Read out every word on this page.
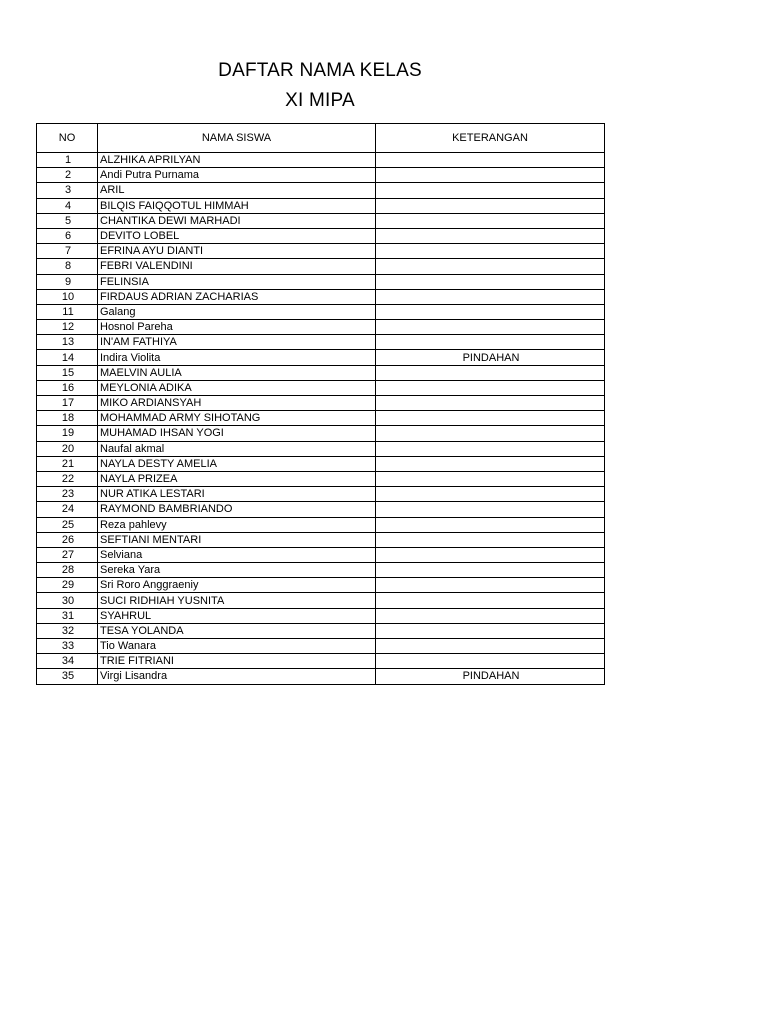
DAFTAR NAMA KELAS
XI MIPA
NO	NAMA SISWA	KETERANGAN
1	ALZHIKA APRILYAN	
2	Andi Putra Purnama	
3	ARIL	
4	BILQIS FAIQQOTUL HIMMAH	
5	CHANTIKA DEWI MARHADI	
6	DEVITO LOBEL	
7	EFRINA AYU DIANTI	
8	FEBRI VALENDINI	
9	FELINSIA	
10	FIRDAUS ADRIAN ZACHARIAS	
11	Galang	
12	Hosnol Pareha	
13	IN'AM FATHIYA	
14	Indira Violita	PINDAHAN
15	MAELVIN AULIA	
16	MEYLONIA ADIKA	
17	MIKO ARDIANSYAH	
18	MOHAMMAD ARMY SIHOTANG	
19	MUHAMAD IHSAN YOGI	
20	Naufal akmal	
21	NAYLA DESTY AMELIA	
22	NAYLA PRIZEA	
23	NUR ATIKA LESTARI	
24	RAYMOND BAMBRIANDO	
25	Reza pahlevy	
26	SEFTIANI MENTARI	
27	Selviana	
28	Sereka Yara	
29	Sri Roro Anggraeniy	
30	SUCI RIDHIAH YUSNITA	
31	SYAHRUL	
32	TESA YOLANDA	
33	Tio Wanara	
34	TRIE FITRIANI	
35	Virgi Lisandra	PINDAHAN
